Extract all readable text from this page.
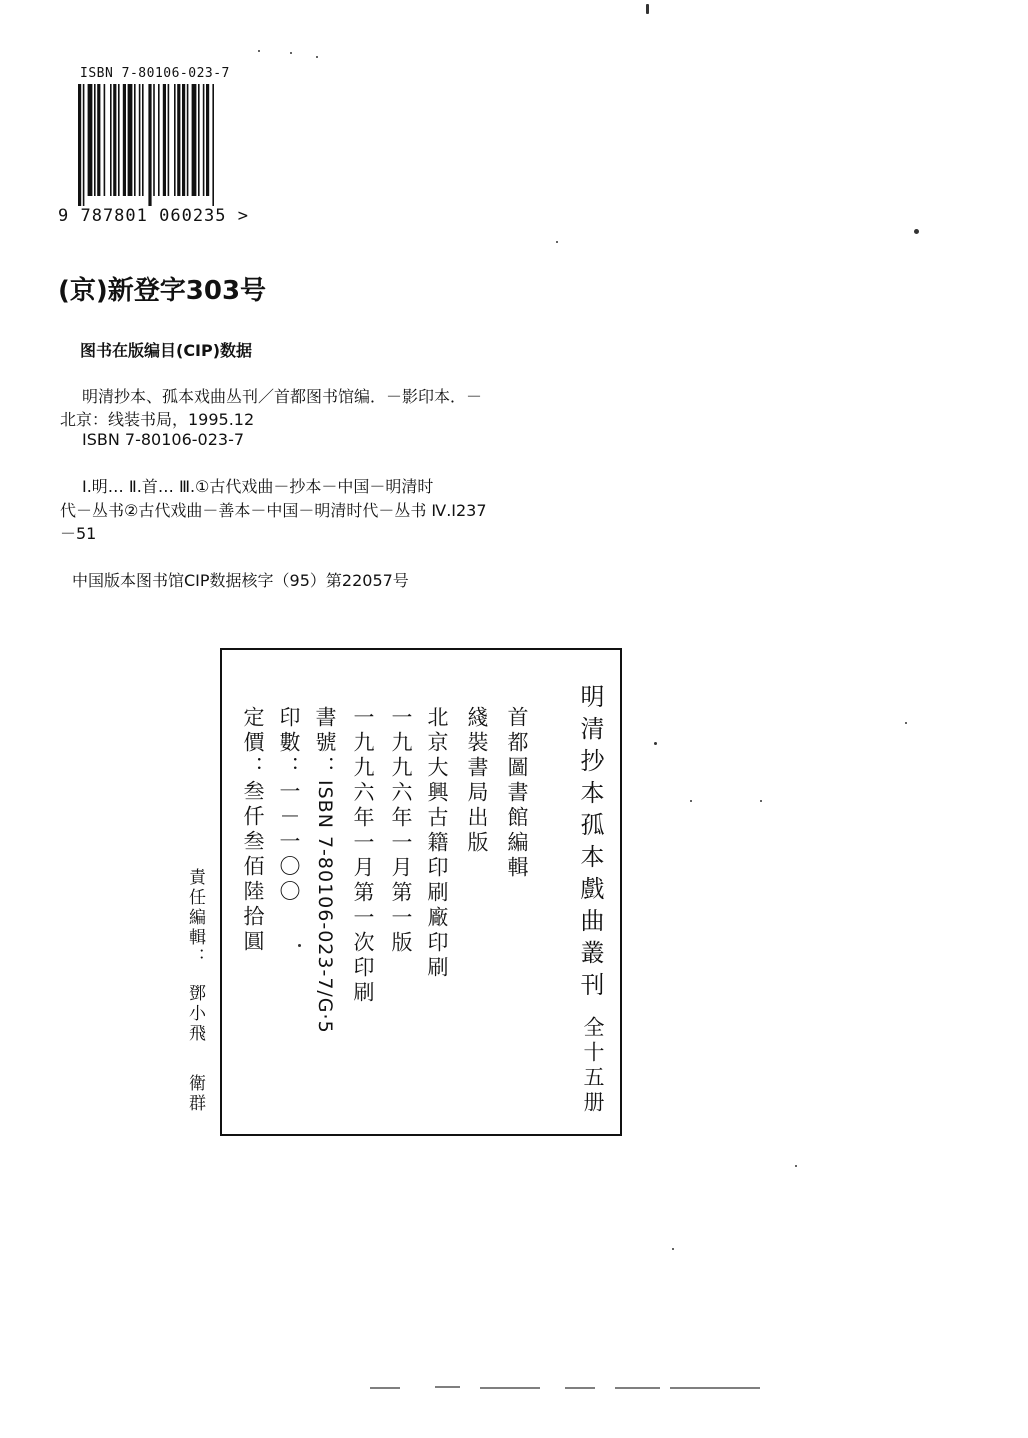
ISBN 7-80106-023-7
9 787801 060235 >
(京)新登字303号
图书在版编目(CIP)数据
明清抄本、孤本戏曲丛刊／首都图书馆编．－影印本．－
北京：线装书局，1995.12
ISBN 7-80106-023-7
Ⅰ.明… Ⅱ.首… Ⅲ.①古代戏曲－抄本－中国－明清时
代－丛书②古代戏曲－善本－中国－明清时代－丛书 Ⅳ.I237
－51
中国版本图书馆CIP数据核字（95）第22057号
明清抄本孤本戲曲叢刊
全十五册
首都圖書館編輯
綫裝書局出版
北京大興古籍印刷廠印刷
一九九六年一月第一版
一九九六年一月第一次印刷
書號：
ISBN 7-80106-023-7/G·5
印數：
一－一〇〇
定價：
叁仟叁佰陸拾圓
責任編輯：
鄧小飛
衛群
